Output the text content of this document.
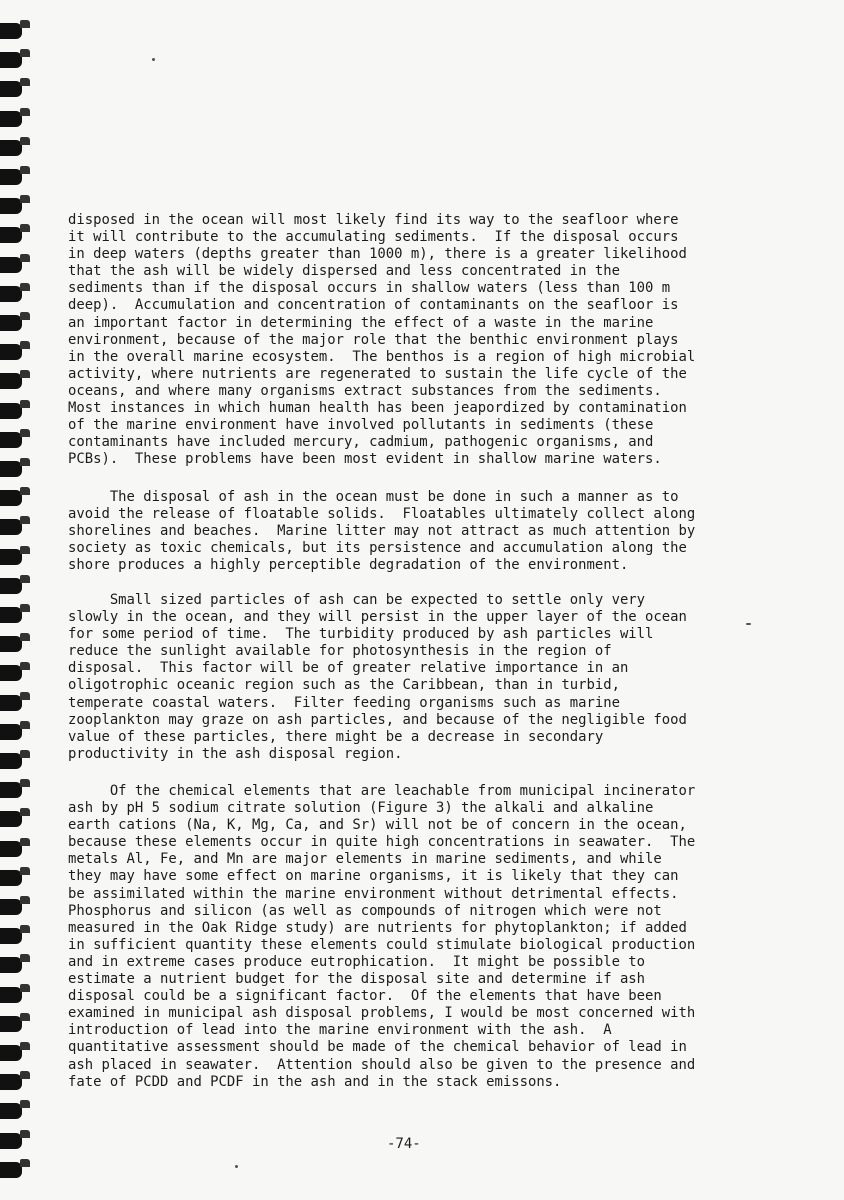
disposed in the ocean will most likely find its way to the seafloor where
it will contribute to the accumulating sediments.  If the disposal occurs
in deep waters (depths greater than 1000 m), there is a greater likelihood
that the ash will be widely dispersed and less concentrated in the
sediments than if the disposal occurs in shallow waters (less than 100 m
deep).  Accumulation and concentration of contaminants on the seafloor is
an important factor in determining the effect of a waste in the marine
environment, because of the major role that the benthic environment plays
in the overall marine ecosystem.  The benthos is a region of high microbial
activity, where nutrients are regenerated to sustain the life cycle of the
oceans, and where many organisms extract substances from the sediments.
Most instances in which human health has been jeapordized by contamination
of the marine environment have involved pollutants in sediments (these
contaminants have included mercury, cadmium, pathogenic organisms, and
PCBs).  These problems have been most evident in shallow marine waters.
The disposal of ash in the ocean must be done in such a manner as to
avoid the release of floatable solids.  Floatables ultimately collect along
shorelines and beaches.  Marine litter may not attract as much attention by
society as toxic chemicals, but its persistence and accumulation along the
shore produces a highly perceptible degradation of the environment.
Small sized particles of ash can be expected to settle only very
slowly in the ocean, and they will persist in the upper layer of the ocean
for some period of time.  The turbidity produced by ash particles will
reduce the sunlight available for photosynthesis in the region of
disposal.  This factor will be of greater relative importance in an
oligotrophic oceanic region such as the Caribbean, than in turbid,
temperate coastal waters.  Filter feeding organisms such as marine
zooplankton may graze on ash particles, and because of the negligible food
value of these particles, there might be a decrease in secondary
productivity in the ash disposal region.
Of the chemical elements that are leachable from municipal incinerator
ash by pH 5 sodium citrate solution (Figure 3) the alkali and alkaline
earth cations (Na, K, Mg, Ca, and Sr) will not be of concern in the ocean,
because these elements occur in quite high concentrations in seawater.  The
metals Al, Fe, and Mn are major elements in marine sediments, and while
they may have some effect on marine organisms, it is likely that they can
be assimilated within the marine environment without detrimental effects.
Phosphorus and silicon (as well as compounds of nitrogen which were not
measured in the Oak Ridge study) are nutrients for phytoplankton; if added
in sufficient quantity these elements could stimulate biological production
and in extreme cases produce eutrophication.  It might be possible to
estimate a nutrient budget for the disposal site and determine if ash
disposal could be a significant factor.  Of the elements that have been
examined in municipal ash disposal problems, I would be most concerned with
introduction of lead into the marine environment with the ash.  A
quantitative assessment should be made of the chemical behavior of lead in
ash placed in seawater.  Attention should also be given to the presence and
fate of PCDD and PCDF in the ash and in the stack emissons.
-74-
